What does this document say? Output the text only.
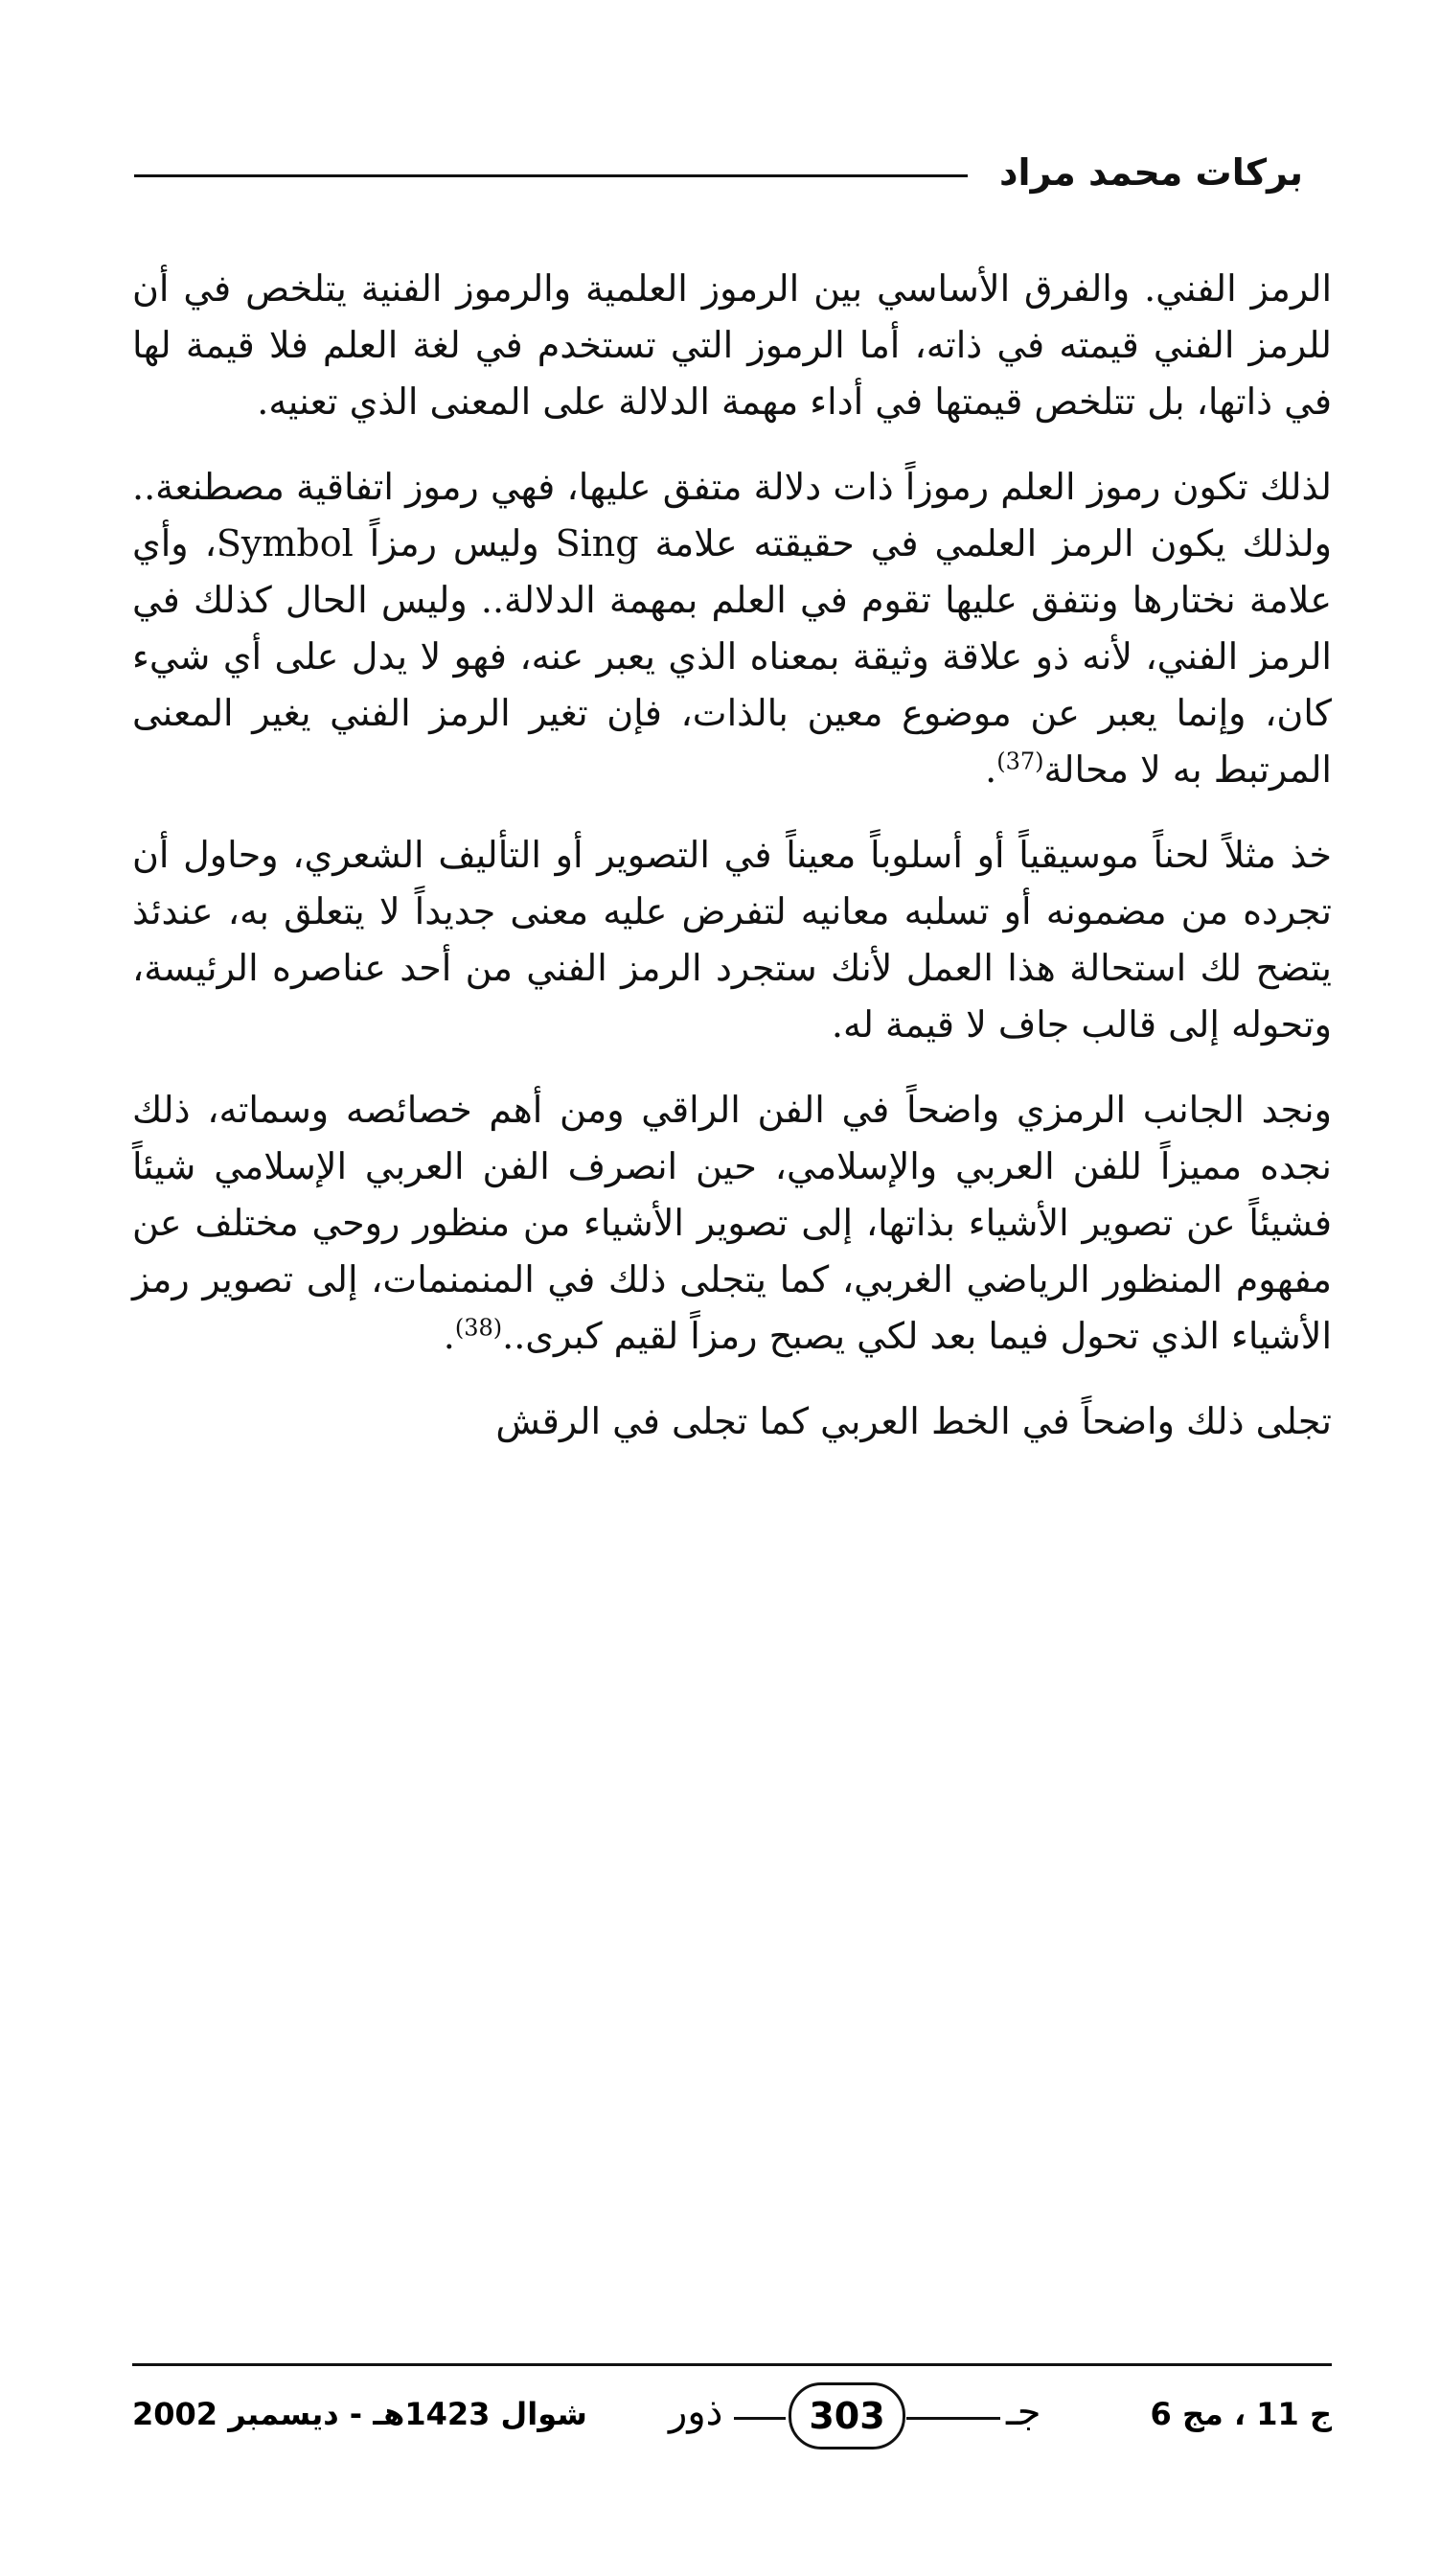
بركات محمد مراد

الرمز الفني. والفرق الأساسي بين الرموز العلمية والرموز الفنية يتلخص في أن للرمز الفني قيمته في ذاته، أما الرموز التي تستخدم في لغة العلم فلا قيمة لها في ذاتها، بل تتلخص قيمتها في أداء مهمة الدلالة على المعنى الذي تعنيه.

لذلك تكون رموز العلم رموزاً ذات دلالة متفق عليها، فهي رموز اتفاقية مصطنعة.. ولذلك يكون الرمز العلمي في حقيقته علامة Sing وليس رمزاً Symbol، وأي علامة نختارها ونتفق عليها تقوم في العلم بمهمة الدلالة.. وليس الحال كذلك في الرمز الفني، لأنه ذو علاقة وثيقة بمعناه الذي يعبر عنه، فهو لا يدل على أي شيء كان، وإنما يعبر عن موضوع معين بالذات، فإن تغير الرمز الفني يغير المعنى المرتبط به لا محالة$^{(37)}$.

خذ مثلاً لحناً موسيقياً أو أسلوباً معيناً في التصوير أو التأليف الشعري، وحاول أن تجرده من مضمونه أو تسلبه معانيه لتفرض عليه معنى جديداً لا يتعلق به، عندئذ يتضح لك استحالة هذا العمل لأنك ستجرد الرمز الفني من أحد عناصره الرئيسة، وتحوله إلى قالب جاف لا قيمة له.

ونجد الجانب الرمزي واضحاً في الفن الراقي ومن أهم خصائصه وسماته، ذلك نجده مميزاً للفن العربي والإسلامي، حين انصرف الفن العربي الإسلامي شيئاً فشيئاً عن تصوير الأشياء بذاتها، إلى تصوير الأشياء من منظور روحي مختلف عن مفهوم المنظور الرياضي الغربي، كما يتجلى ذلك في المنمنمات، إلى تصوير رمز الأشياء الذي تحول فيما بعد لكي يصبح رمزاً لقيم كبرى..$^{(38)}$.

تجلى ذلك واضحاً في الخط العربي كما تجلى في الرقش

ج 11 ، مج 6
303
ذور	جـ
شوال 1423هـ - ديسمبر 2002
